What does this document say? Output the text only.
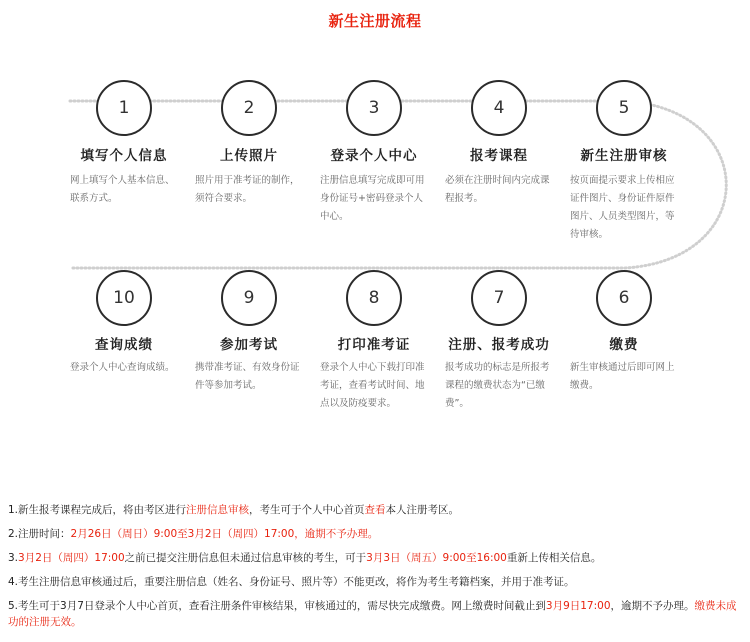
新生注册流程
1
填写个人信息
网上填写个人基本信息、联系方式。
2
上传照片
照片用于准考证的制作，须符合要求。
3
登录个人中心
注册信息填写完成即可用身份证号+密码登录个人中心。
4
报考课程
必须在注册时间内完成课程报考。
5
新生注册审核
按页面提示要求上传相应证件图片、身份证件原件图片、人员类型图片，等待审核。
6
缴费
新生审核通过后即可网上缴费。
7
注册、报考成功
报考成功的标志是所报考课程的缴费状态为“已缴费”。
8
打印准考证
登录个人中心下载打印准考证，查看考试时间、地点以及防疫要求。
9
参加考试
携带准考证、有效身份证件等参加考试。
10
查询成绩
登录个人中心查询成绩。
1.新生报考课程完成后，将由考区进行注册信息审核，考生可于个人中心首页查看本人注册考区。
2.注册时间：2月26日（周日）9:00至3月2日（周四）17:00，逾期不予办理。
3.3月2日（周四）17:00之前已提交注册信息但未通过信息审核的考生，可于3月3日（周五）9:00至16:00重新上传相关信息。
4.考生注册信息审核通过后，重要注册信息（姓名、身份证号、照片等）不能更改，将作为考生考籍档案，并用于准考证。
5.考生可于3月7日登录个人中心首页，查看注册条件审核结果，审核通过的，需尽快完成缴费。网上缴费时间截止到3月9日17:00，逾期不予办理。缴费未成功的注册无效。
